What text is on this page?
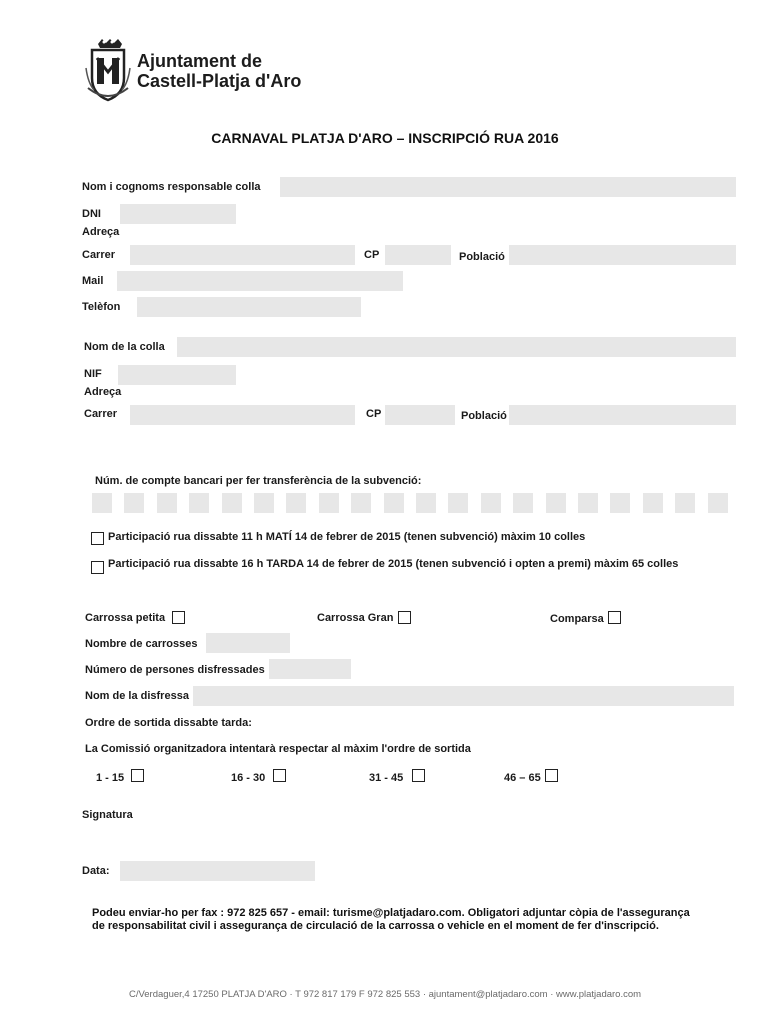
Ajuntament de
Castell-Platja d'Aro
CARNAVAL PLATJA D'ARO – INSCRIPCIÓ RUA 2016
Nom i cognoms responsable colla
DNI
Adreça
Carrer	CP	Població
Mail
Telèfon
Nom de la colla
NIF
Adreça
Carrer	CP	Població
Núm. de compte bancari per fer transferència de la subvenció:
Participació rua dissabte 11 h MATÍ 14 de febrer de 2015 (tenen subvenció) màxim 10 colles
Participació rua dissabte 16 h TARDA 14 de febrer de 2015 (tenen subvenció i opten a premi) màxim 65 colles
Carrossa petita	Carrossa Gran	Comparsa
Nombre de carrosses
Número de persones disfressades
Nom de la disfressa
Ordre de sortida dissabte tarda:
La Comissió organitzadora intentarà respectar al màxim l'ordre de sortida
1 - 15	16 - 30	31 - 45	46 – 65
Signatura
Data:
Podeu enviar-ho per fax : 972 825 657 - email: turisme@platjadaro.com. Obligatori adjuntar còpia de l'assegurança
de responsabilitat civil i assegurança de circulació de la carrossa o vehicle en el moment de fer d'inscripció.
C/Verdaguer,4 17250 PLATJA D'ARO · T 972 817 179 F 972 825 553 · ajuntament@platjadaro.com · www.platjadaro.com
